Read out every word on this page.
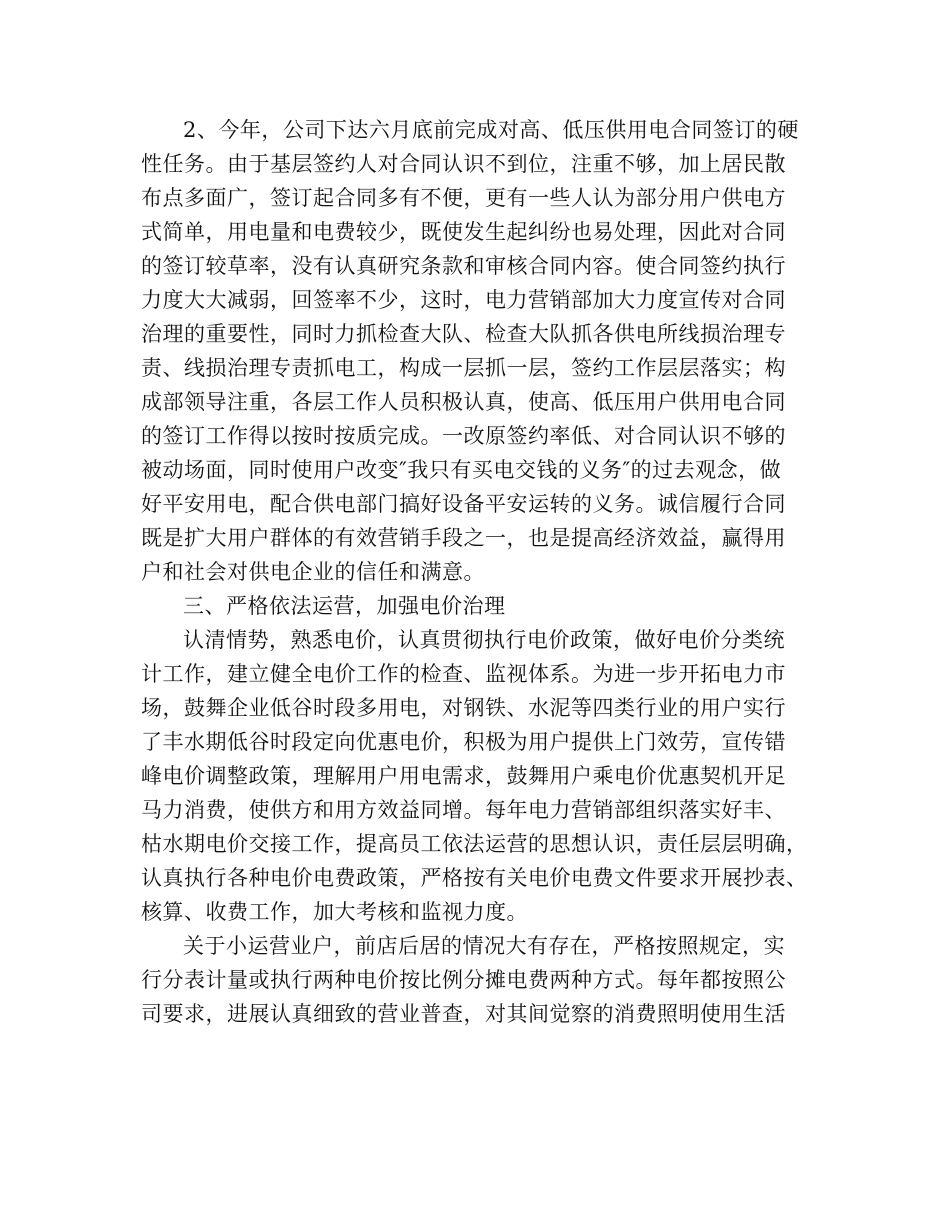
2、今年，公司下达六月底前完成对高、低压供用电合同签订的硬
性任务。由于基层签约人对合同认识不到位，注重不够，加上居民散
布点多面广，签订起合同多有不便，更有一些人认为部分用户供电方
式简单，用电量和电费较少，既使发生起纠纷也易处理，因此对合同
的签订较草率，没有认真研究条款和审核合同内容。使合同签约执行
力度大大减弱，回签率不少，这时，电力营销部加大力度宣传对合同
治理的重要性，同时力抓检查大队、检查大队抓各供电所线损治理专
责、线损治理专责抓电工，构成一层抓一层，签约工作层层落实；构
成部领导注重，各层工作人员积极认真，使高、低压用户供用电合同
的签订工作得以按时按质完成。一改原签约率低、对合同认识不够的
被动场面，同时使用户改变″我只有买电交钱的义务″的过去观念，做
好平安用电，配合供电部门搞好设备平安运转的义务。诚信履行合同
既是扩大用户群体的有效营销手段之一，也是提高经济效益，赢得用
户和社会对供电企业的信任和满意。
三、严格依法运营，加强电价治理
认清情势，熟悉电价，认真贯彻执行电价政策，做好电价分类统
计工作，建立健全电价工作的检查、监视体系。为进一步开拓电力市
场，鼓舞企业低谷时段多用电，对钢铁、水泥等四类行业的用户实行
了丰水期低谷时段定向优惠电价，积极为用户提供上门效劳，宣传错
峰电价调整政策，理解用户用电需求，鼓舞用户乘电价优惠契机开足
马力消费，使供方和用方效益同增。每年电力营销部组织落实好丰、
枯水期电价交接工作，提高员工依法运营的思想认识，责任层层明确，
认真执行各种电价电费政策，严格按有关电价电费文件要求开展抄表、
核算、收费工作，加大考核和监视力度。
关于小运营业户，前店后居的情况大有存在，严格按照规定，实
行分表计量或执行两种电价按比例分摊电费两种方式。每年都按照公
司要求，进展认真细致的营业普查，对其间觉察的消费照明使用生活
